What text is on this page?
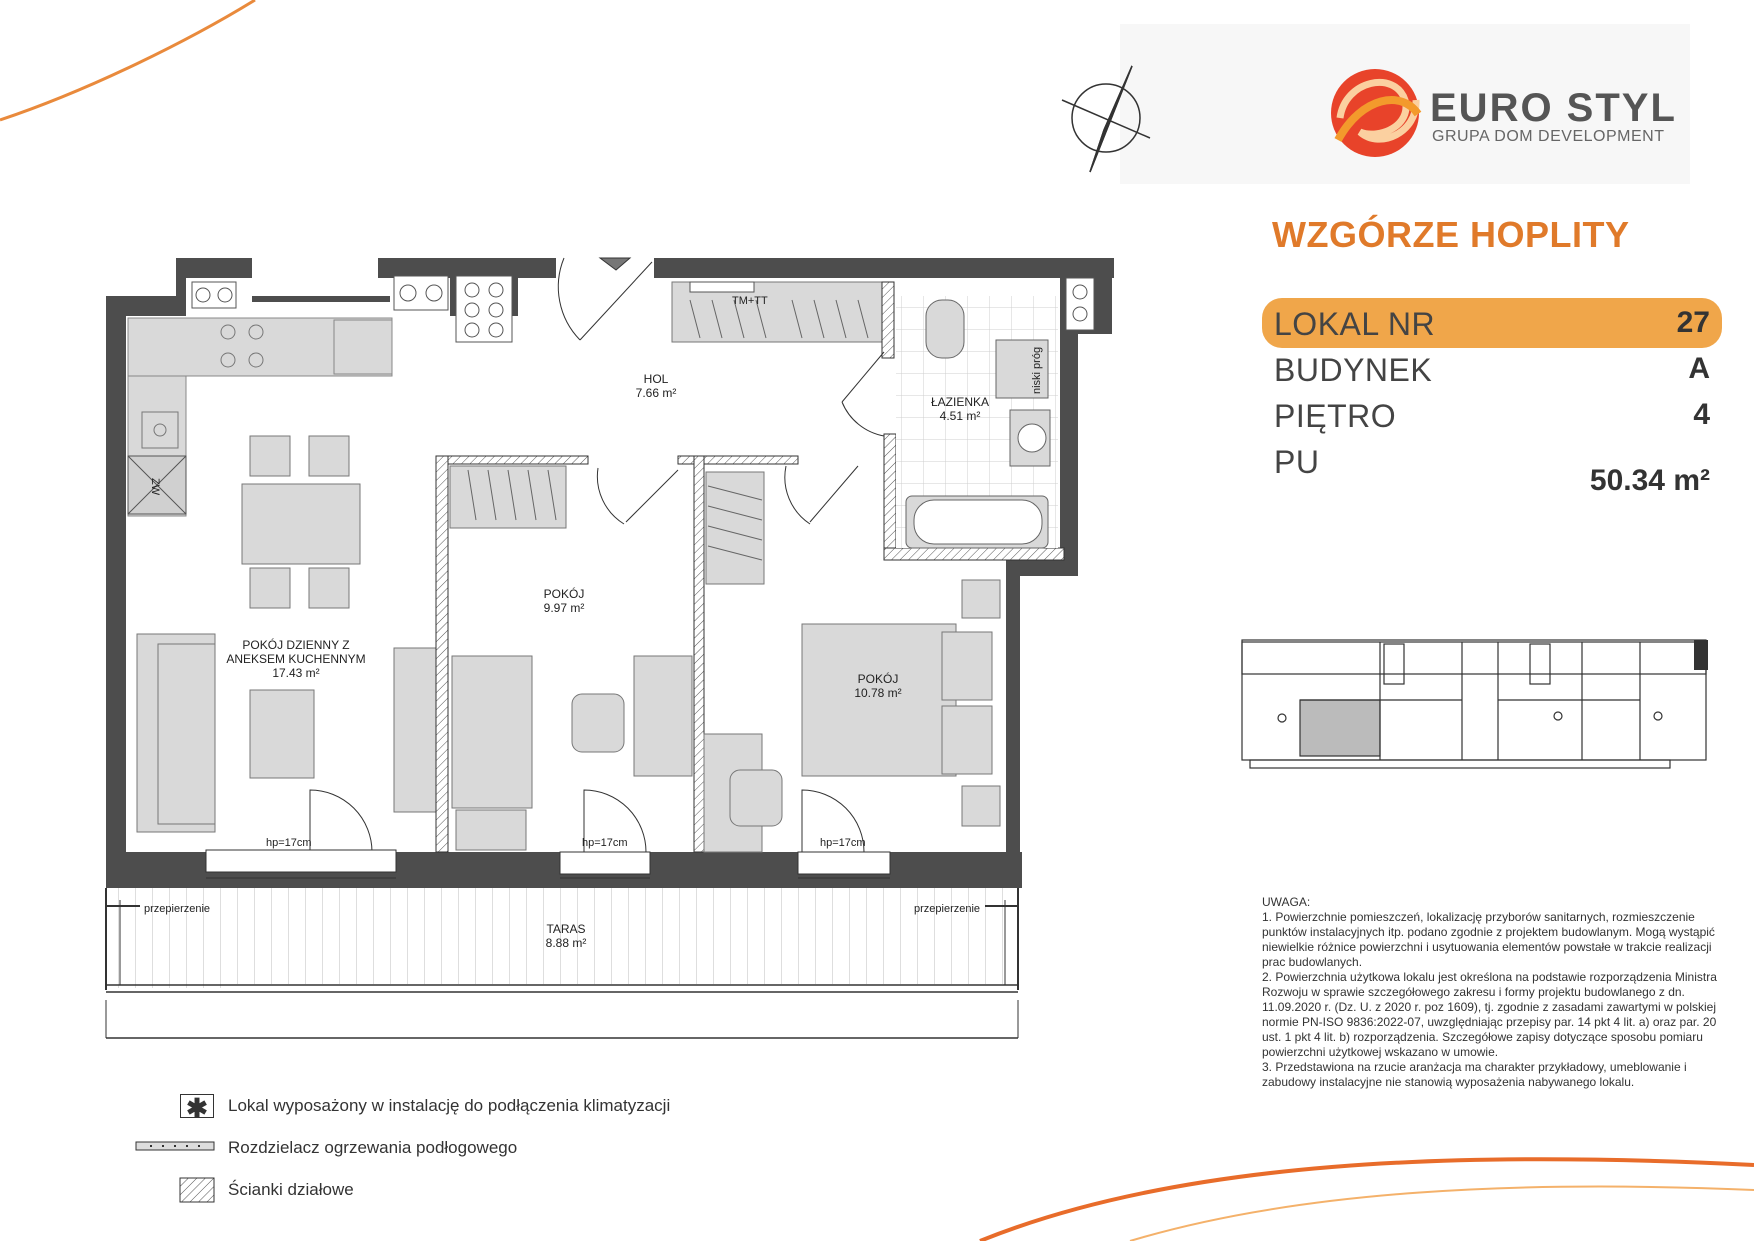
HOL
7.66 m²
ŁAZIENKA
4.51 m²
POKÓJ
9.97 m²
POKÓJ
10.78 m²
POKÓJ DZIENNY Z
ANEKSEM KUCHENNYM
17.43 m²
TARAS
8.88 m²
hp=17cm	hp=17cm	hp=17cm
przepierzenie	przepierzenie
TM+TT
niski próg
ZW
EURO STYL
GRUPA DOM DEVELOPMENT
WZGÓRZE HOPLITY
LOKAL NR	27
BUDYNEK	A
PIĘTRO	4
PU
50.34 m²

UWAGA:

1. Powierzchnie pomieszczeń, lokalizację przyborów sanitarnych, rozmieszczenie punktów instalacyjnych itp. podano zgodnie z projektem budowlanym. Mogą wystąpić niewielkie różnice powierzchni i usytuowania elementów powstałe w trakcie realizacji prac budowlanych.

2. Powierzchnia użytkowa lokalu jest określona na podstawie rozporządzenia Ministra Rozwoju w sprawie szczegółowego zakresu i formy projektu budowlanego z dn. 11.09.2020 r. (Dz. U. z 2020 r. poz 1609), tj. zgodnie z zasadami zawartymi w polskiej normie PN-ISO 9836:2022-07, uwzględniając przepisy par. 14 pkt 4 lit. a) oraz par. 20 ust. 1 pkt 4 lit. b) rozporządzenia. Szczegółowe zapisy dotyczące sposobu pomiaru powierzchni użytkowej wskazano w umowie.

3. Przedstawiona na rzucie aranżacja ma charakter przykładowy, umeblowanie i zabudowy instalacyjne nie stanowią wyposażenia nabywanego lokalu.

✱	Lokal wyposażony w instalację do podłączenia klimatyzacji
Rozdzielacz ogrzewania podłogowego
Ścianki działowe
